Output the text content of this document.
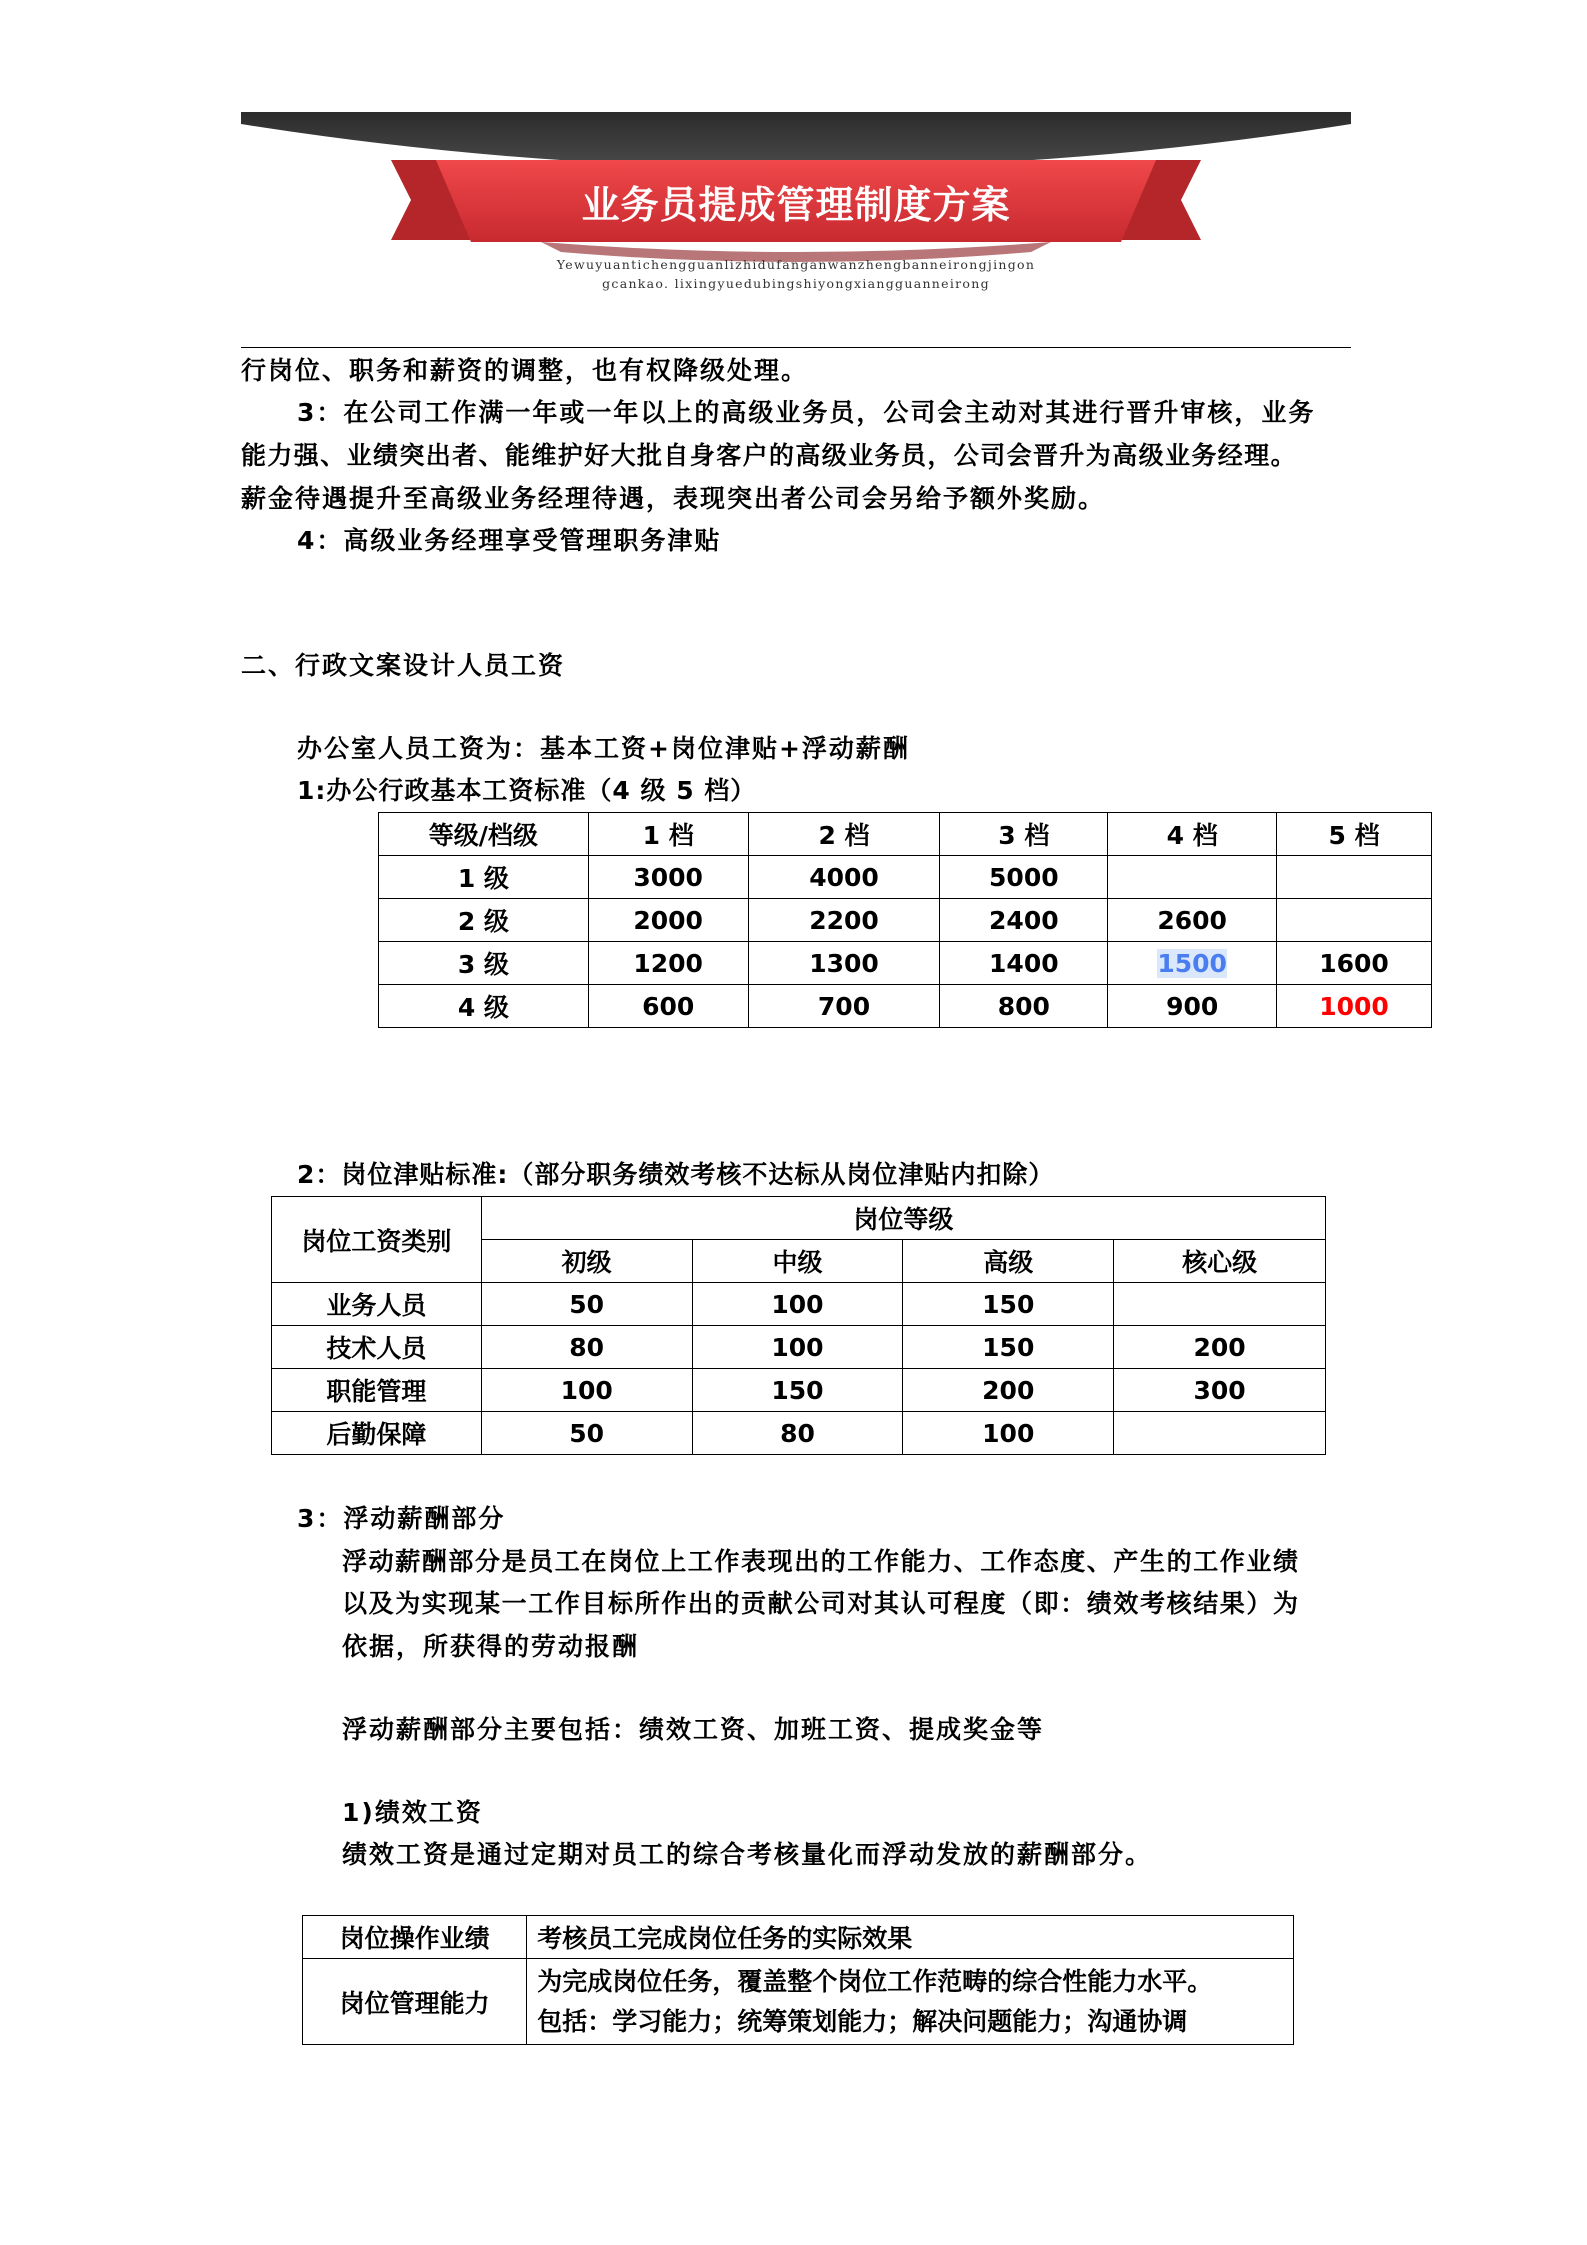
业务员提成管理制度方案
Yewuyuantichengguanlizhidufanganwanzhengbanneirongjingon
gcankao. lixingyuedubingshiyongxiangguanneirong
行岗位、职务和薪资的调整，也有权降级处理。
3：在公司工作满一年或一年以上的高级业务员，公司会主动对其进行晋升审核，业务
能力强、业绩突出者、能维护好大批自身客户的高级业务员，公司会晋升为高级业务经理。
薪金待遇提升至高级业务经理待遇，表现突出者公司会另给予额外奖励。
4：高级业务经理享受管理职务津贴
二、行政文案设计人员工资
办公室人员工资为：基本工资+岗位津贴+浮动薪酬
1:办公行政基本工资标准（4 级 5 档）
等级/档级	1 档	2 档	3 档	4 档	5 档
1 级	3000	4000	5000		
2 级	2000	2200	2400	2600	
3 级	1200	1300	1400	1500	1600
4 级	600	700	800	900	1000
2：岗位津贴标准:（部分职务绩效考核不达标从岗位津贴内扣除）
岗位工资类别	岗位等级			
	初级	中级	高级	核心级
业务人员	50	100	150	
技术人员	80	100	150	200
职能管理	100	150	200	300
后勤保障	50	80	100	
3：浮动薪酬部分
浮动薪酬部分是员工在岗位上工作表现出的工作能力、工作态度、产生的工作业绩
以及为实现某一工作目标所作出的贡献公司对其认可程度（即：绩效考核结果）为
依据，所获得的劳动报酬
浮动薪酬部分主要包括：绩效工资、加班工资、提成奖金等
1)绩效工资
绩效工资是通过定期对员工的综合考核量化而浮动发放的薪酬部分。
岗位操作业绩	考核员工完成岗位任务的实际效果
岗位管理能力	为完成岗位任务，覆盖整个岗位工作范畴的综合性能力水平。
包括：学习能力；统筹策划能力；解决问题能力；沟通协调
